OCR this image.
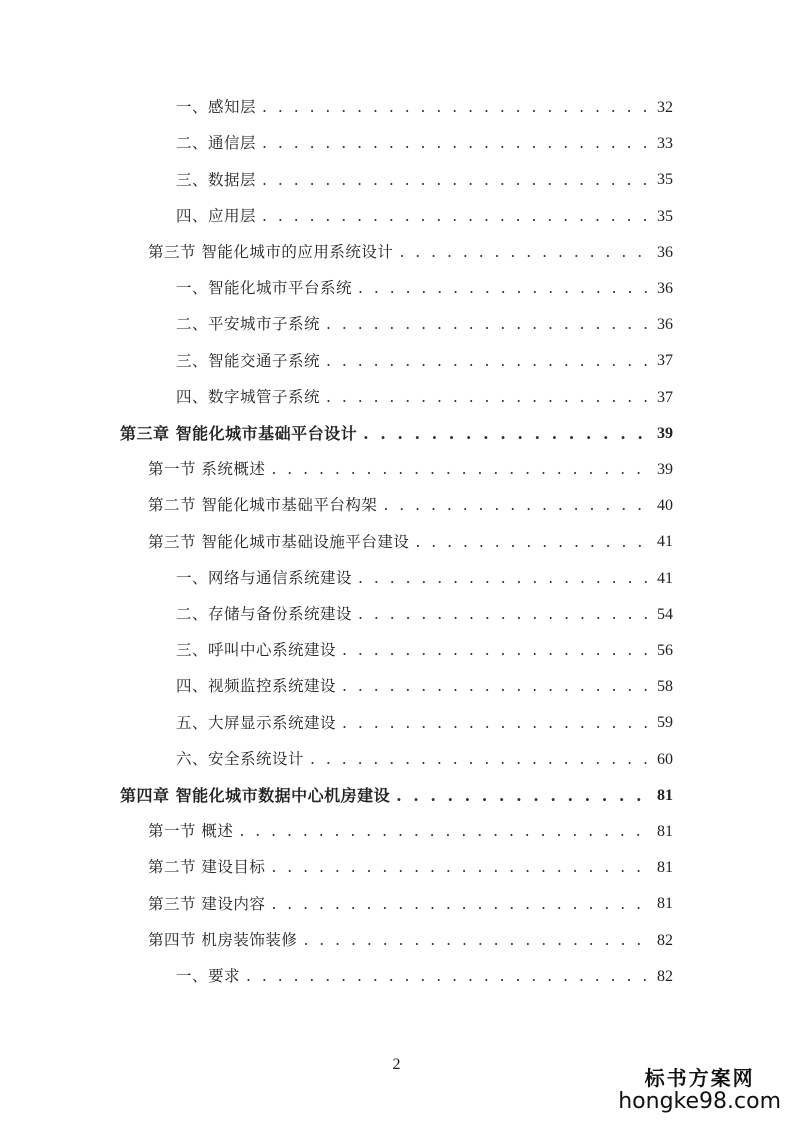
一、感知层 . . .	32
二、通信层 . . .	33
三、数据层 . . .	35
四、应用层 . . .	35
第三节 智能化城市的应用系统设计 . . .	36
一、智能化城市平台系统 . . .	36
二、平安城市子系统 . . .	36
三、智能交通子系统 . . .	37
四、数字城管子系统 . . .	37
第三章 智能化城市基础平台设计 . . .	39
第一节 系统概述 . . .	39
第二节 智能化城市基础平台构架 . . .	40
第三节 智能化城市基础设施平台建设 . . .	41
一、网络与通信系统建设 . . .	41
二、存储与备份系统建设 . . .	54
三、呼叫中心系统建设 . . .	56
四、视频监控系统建设 . . .	58
五、大屏显示系统建设 . . .	59
六、安全系统设计 . . .	60
第四章 智能化城市数据中心机房建设 . . .	81
第一节 概述 . . .	81
第二节 建设目标 . . .	81
第三节 建设内容 . . .	81
第四节 机房装饰装修 . . .	82
一、要求 . . .	82
2
标书方案网
hongke98.com
